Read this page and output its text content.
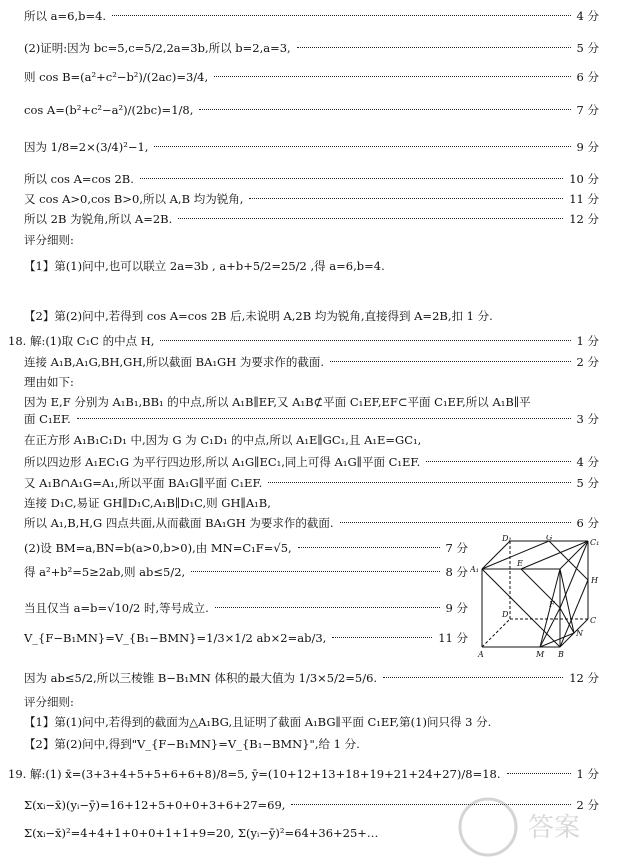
所以 a=6,b=4.	4 分
(2)证明:因为 bc=5,c=5/2,2a=3b,所以 b=2,a=3,	5 分
则 cos B=(a²+c²−b²)/(2ac)=3/4,	6 分
cos A=(b²+c²−a²)/(2bc)=1/8,	7 分
因为 1/8=2×(3/4)²−1,	9 分
所以 cos A=cos 2B.	10 分
又 cos A>0,cos B>0,所以 A,B 均为锐角,	11 分
所以 2B 为锐角,所以 A=2B.	12 分
评分细则:
【1】第(1)问中,也可以联立 2a=3b , a+b+5/2=25/2 ,得 a=6,b=4.
【2】第(2)问中,若得到 cos A=cos 2B 后,未说明 A,2B 均为锐角,直接得到 A=2B,扣 1 分.
18. 解:(1)取 C₁C 的中点 H,	1 分
连接 A₁B,A₁G,BH,GH,所以截面 BA₁GH 为要求作的截面.	2 分
理由如下:
因为 E,F 分别为 A₁B₁,BB₁ 的中点,所以 A₁B∥EF,又 A₁B⊄平面 C₁EF,EF⊂平面 C₁EF,所以 A₁B∥平
面 C₁EF.	3 分
在正方形 A₁B₁C₁D₁ 中,因为 G 为 C₁D₁ 的中点,所以 A₁E∥GC₁,且 A₁E=GC₁,
所以四边形 A₁EC₁G 为平行四边形,所以 A₁G∥EC₁,同上可得 A₁G∥平面 C₁EF.	4 分
又 A₁B∩A₁G=A₁,所以平面 BA₁G∥平面 C₁EF.	5 分
连接 D₁C,易证 GH∥D₁C,A₁B∥D₁C,则 GH∥A₁B,
所以 A₁,B,H,G 四点共面,从而截面 BA₁GH 为要求作的截面.	6 分
(2)设 BM=a,BN=b(a>0,b>0),由 MN=C₁F=√5,	7 分
得 a²+b²=5≥2ab,则 ab≤5/2,	8 分
当且仅当 a=b=√10/2 时,等号成立.	9 分
V_{F−B₁MN}=V_{B₁−BMN}=1/3×1/2 ab×2=ab/3,	11 分
因为 ab≤5/2,所以三棱锥 B−B₁MN 体积的最大值为 1/3×5/2=5/6.	12 分
评分细则:
【1】第(1)问中,若得到的截面为△A₁BG,且证明了截面 A₁BG∥平面 C₁EF,第(1)问只得 3 分.
【2】第(2)问中,得到"V_{F−B₁MN}=V_{B₁−BMN}",给 1 分.
19. 解:(1) x̄=(3+3+4+5+5+6+6+8)/8=5, ȳ=(10+12+13+18+19+21+24+27)/8=18.	1 分
Σ(xᵢ−x̄)(yᵢ−ȳ)=16+12+5+0+0+3+6+27=69,	2 分
Σ(xᵢ−x̄)²=4+4+1+0+0+1+1+9=20, Σ(yᵢ−ȳ)²=64+36+25+…
D₁	G
C₁
A₁
E
F
H
D
C
N
A	M B
答案
